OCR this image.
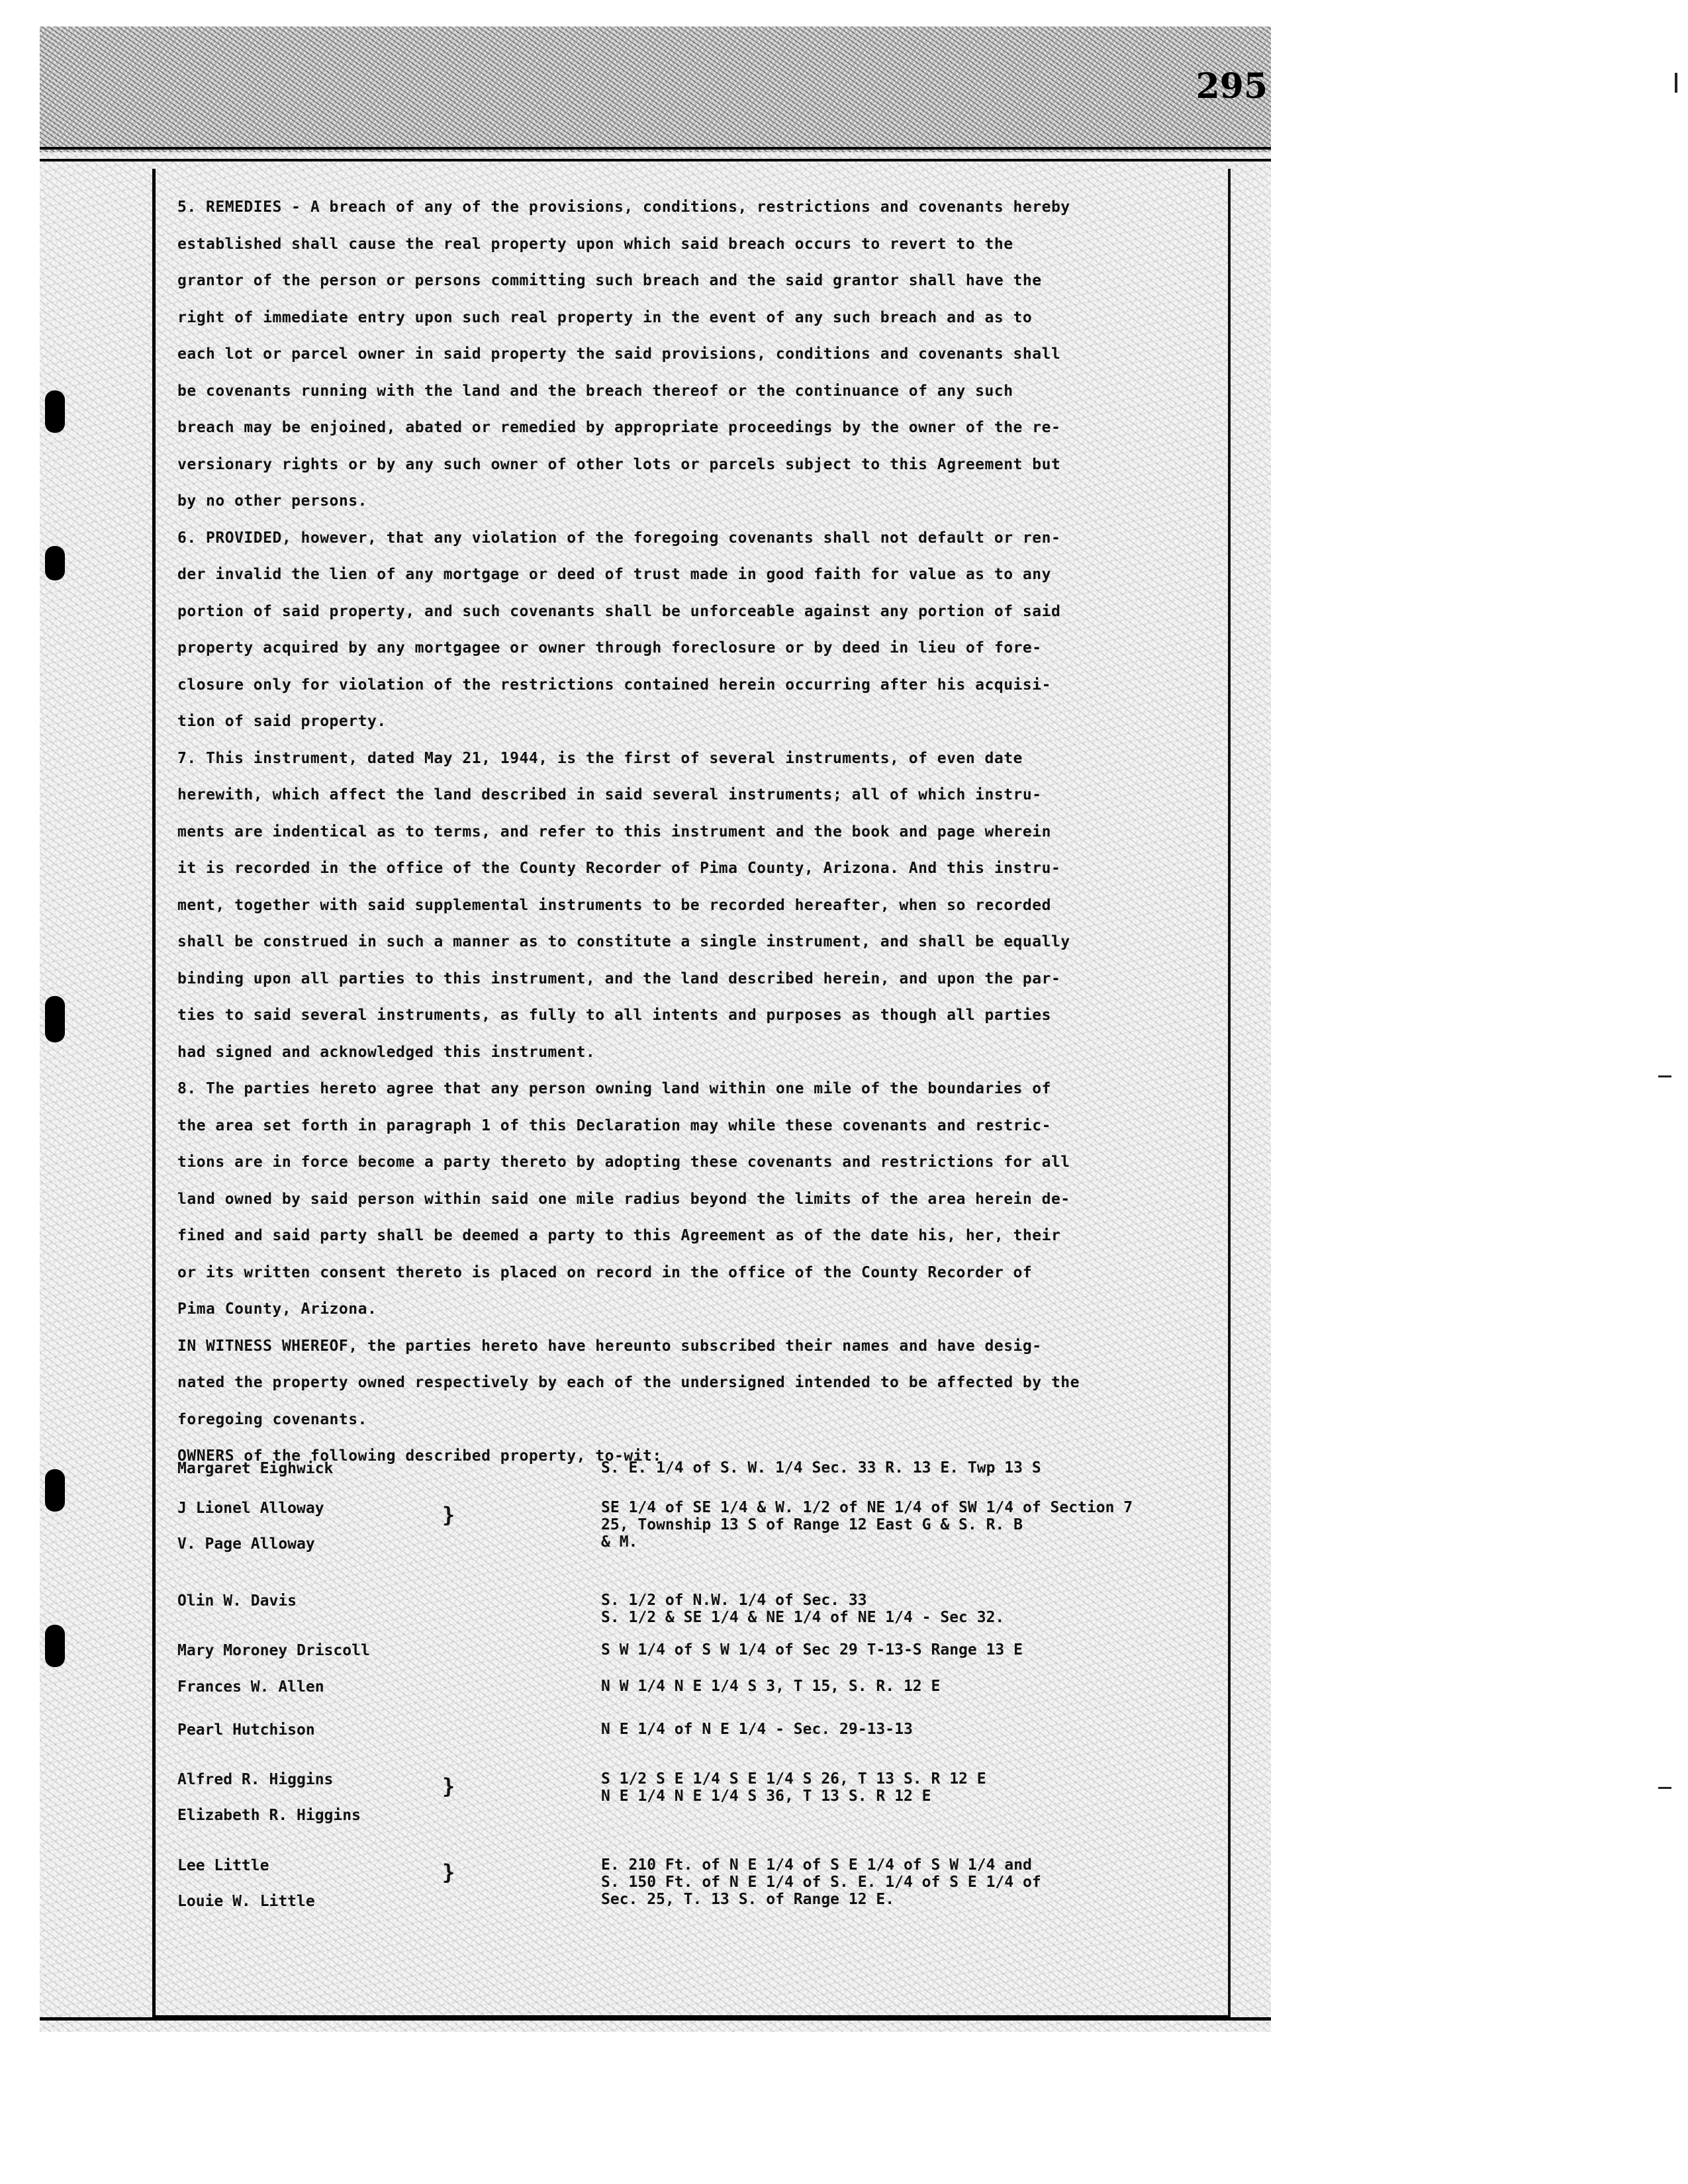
295
5. REMEDIES - A breach of any of the provisions, conditions, restrictions and covenants hereby
established shall cause the real property upon which said breach occurs to revert to the
grantor of the person or persons committing such breach and the said grantor shall have the
right of immediate entry upon such real property in the event of any such breach and as to
each lot or parcel owner in said property the said provisions, conditions and covenants shall
be covenants running with the land and the breach thereof or the continuance of any such
breach may be enjoined, abated or remedied by appropriate proceedings by the owner of the re-
versionary rights or by any such owner of other lots or parcels subject to this Agreement but
by no other persons.
6. PROVIDED, however, that any violation of the foregoing covenants shall not default or ren-
der invalid the lien of any mortgage or deed of trust made in good faith for value as to any
portion of said property, and such covenants shall be unforceable against any portion of said
property acquired by any mortgagee or owner through foreclosure or by deed in lieu of fore-
closure only for violation of the restrictions contained herein occurring after his acquisi-
tion of said property.
7. This instrument, dated May 21, 1944, is the first of several instruments, of even date
herewith, which affect the land described in said several instruments; all of which instru-
ments are indentical as to terms, and refer to this instrument and the book and page wherein
it is recorded in the office of the County Recorder of Pima County, Arizona. And this instru-
ment, together with said supplemental instruments to be recorded hereafter, when so recorded
shall be construed in such a manner as to constitute a single instrument, and shall be equally
binding upon all parties to this instrument, and the land described herein, and upon the par-
ties to said several instruments, as fully to all intents and purposes as though all parties
had signed and acknowledged this instrument.
8. The parties hereto agree that any person owning land within one mile of the boundaries of
the area set forth in paragraph 1 of this Declaration may while these covenants and restric-
tions are in force become a party thereto by adopting these covenants and restrictions for all
land owned by said person within said one mile radius beyond the limits of the area herein de-
fined and said party shall be deemed a party to this Agreement as of the date his, her, their
or its written consent thereto is placed on record in the office of the County Recorder of
Pima County, Arizona.
IN WITNESS WHEREOF, the parties hereto have hereunto subscribed their names and have desig-
nated the property owned respectively by each of the undersigned intended to be affected by the
foregoing covenants.
OWNERS of the following described property, to-wit:
Margaret Eighwick	S. E. 1/4 of S. W. 1/4 Sec. 33 R. 13 E. Twp 13 S
J Lionel Alloway
V. Page Alloway
}	SE 1/4 of SE 1/4 & W. 1/2 of NE 1/4 of SW 1/4 of Section 7
25, Township 13 S of Range 12 East G & S. R. B
& M.
Olin W. Davis	S. 1/2 of N.W. 1/4 of Sec. 33
S. 1/2 & SE 1/4 & NE 1/4 of NE 1/4 - Sec 32.
Mary Moroney Driscoll	S W 1/4 of S W 1/4 of Sec 29 T-13-S Range 13 E
Frances W. Allen	N W 1/4 N E 1/4 S 3, T 15, S. R. 12 E
Pearl Hutchison	N E 1/4 of N E 1/4 - Sec. 29-13-13
Alfred R. Higgins
Elizabeth R. Higgins
}	S 1/2 S E 1/4 S E 1/4 S 26, T 13 S. R 12 E
N E 1/4 N E 1/4 S 36, T 13 S. R 12 E
Lee Little
Louie W. Little
}	E. 210 Ft. of N E 1/4 of S E 1/4 of S W 1/4 and
S. 150 Ft. of N E 1/4 of S. E. 1/4 of S E 1/4 of
Sec. 25, T. 13 S. of Range 12 E.
